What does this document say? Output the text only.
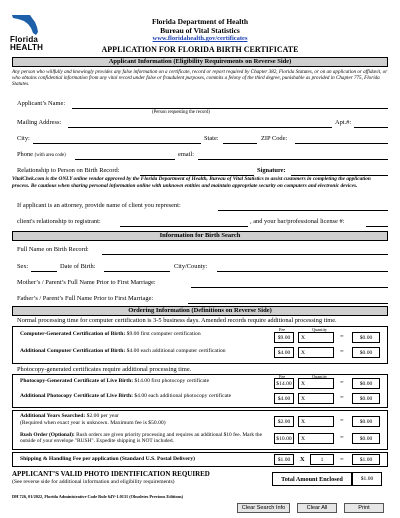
Florida HEALTH
Florida Department of Health
Bureau of Vital Statistics
www.floridahealth.gov/certificates
APPLICATION FOR FLORIDA BIRTH CERTIFICATE
Applicant Information (Eligibility Requirements on Reverse Side)
Any person who willfully and knowingly provides any false information on a certificate, record or report required by Chapter 382, Florida Statutes, or on an application or affidavit, or who obtains confidential information from any vital record under false or fraudulent purposes, commits a felony of the third degree, punishable as provided in Chapter 775, Florida Statutes.
Applicant’s Name:
(Person requesting the record)
Mailing Address:	Apt.#:
City:	State:	ZIP Code:
Phone (with area code)	email:
Relationship to Person on Birth Record:	Signature:
VitalChek.com is the ONLY online vendor approved by the Florida Department of Health, Bureau of Vital Statistics to assist customers in completing the application process. Be cautious when sharing personal information online with unknown entities and maintain appropriate security on computers and electronic devices.
If applicant is an attorney, provide name of client you represent:
client's relationship to registrant:	, and your bar/professional license #:
Information for Birth Search
Full Name on Birth Record:
Sex:	Date of Birth:	City/County:
Mother’s / Parent’s Full Name Prior to First Marriage:
Father’s / Parent’s Full Name Prior to First Marriage:
Ordering Information (Definitions on Reverse Side)
Normal processing time for computer certification is 3-5 business days. Amended records require additional processing time.
Fee	Quantity
Computer-Generated Certification of Birth: $9.00 first computer certification
$9.00	X	=	$0.00
Additional Computer Certification of Birth: $4.00 each additional computer certification	$4.00	X	=	$0.00
Photocopy-generated certificates require additional processing time.
Fee	Quantity
Photocopy-Generated Certificate of Live Birth: $14.00 first photocopy certificate	$14.00	X	=	$0.00
Additional Photocopy Certificate of Live Birth: $4.00 each additional photocopy certificate	$4.00	X	=	$0.00
Additional Years Searched: $2.00 per year
(Required when exact year is unknown. Maximum fee is $50.00)	$2.00	X	=	$0.00
Rush Order (Optional): Rush orders are given priority processing and requires an additional $10 fee. Mark the outside of your envelope "RUSH". Expedite shipping is NOT included.	$10.00	X	=	$0.00
Shipping & Handling Fee per application (Standard U.S. Postal Delivery)	$1.00	X	1	=	$1.00
APPLICANT’S VALID PHOTO IDENTIFICATION REQUIRED
(See reverse side for additional information and eligibility requirements)	Total Amount Enclosed	$1.00
DH 726, 01/2022, Florida Administrative Code Rule 64V-1.0131 (Obsoletes Previous Editions)
Clear Search Info	Clear All	Print
